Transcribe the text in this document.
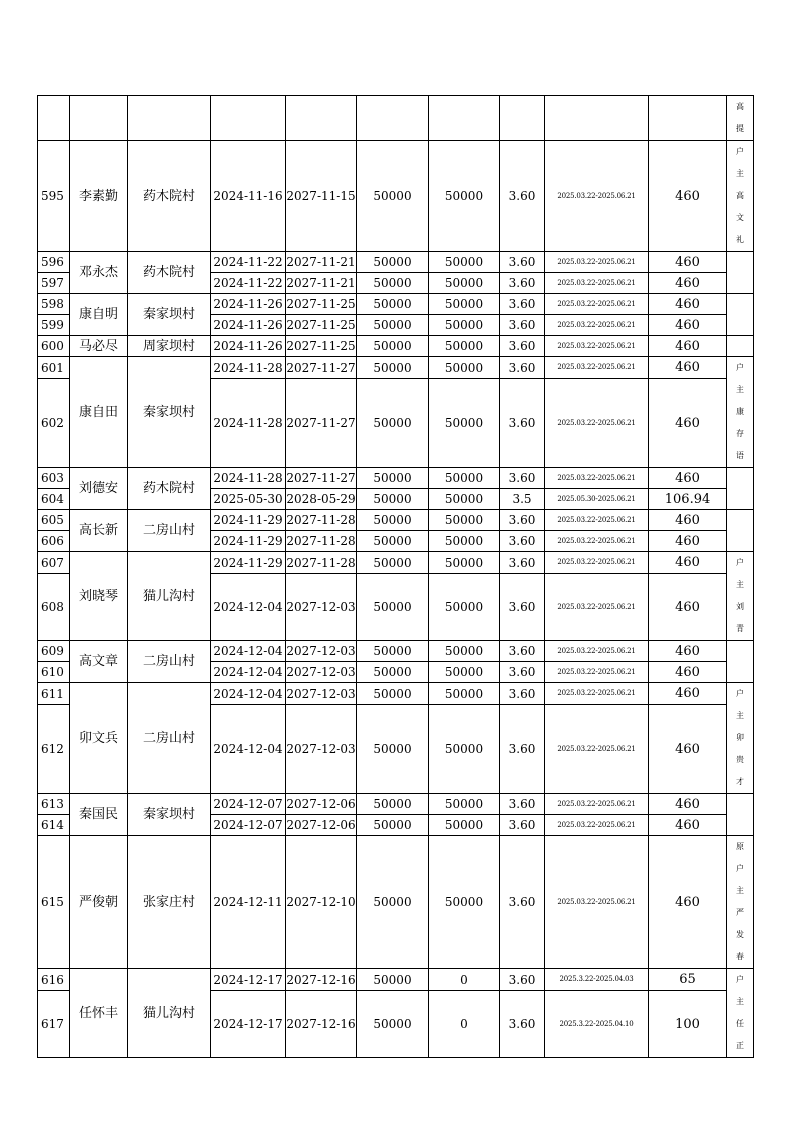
										高提

595	李素勤	药木院村	2024-11-16	2027-11-15	50000	50000	3.60	2025.03.22-2025.06.21	460	户主高文礼

596	邓永杰	药木院村	2024-11-22	2027-11-21	50000	50000	3.60	2025.03.22-2025.06.21	460	

597			2024-11-22	2027-11-21	50000	50000	3.60	2025.03.22-2025.06.21	460	
598	康自明	秦家坝村	2024-11-26	2027-11-25	50000	50000	3.60	2025.03.22-2025.06.21	460	

599			2024-11-26	2027-11-25	50000	50000	3.60	2025.03.22-2025.06.21	460	
600	马必尽	周家坝村	2024-11-26	2027-11-25	50000	50000	3.60	2025.03.22-2025.06.21	460	

601	康自田	秦家坝村	2024-11-28	2027-11-27	50000	50000	3.60	2025.03.22-2025.06.21	460	户主康存语

602			2024-11-28	2027-11-27	50000	50000	3.60	2025.03.22-2025.06.21	460	
603	刘德安	药木院村	2024-11-28	2027-11-27	50000	50000	3.60	2025.03.22-2025.06.21	460	

604			2025-05-30	2028-05-29	50000	50000	3.5	2025.05.30-2025.06.21	106.94	
605	高长新	二房山村	2024-11-29	2027-11-28	50000	50000	3.60	2025.03.22-2025.06.21	460	

606			2024-11-29	2027-11-28	50000	50000	3.60	2025.03.22-2025.06.21	460	
607	刘晓琴	猫儿沟村	2024-11-29	2027-11-28	50000	50000	3.60	2025.03.22-2025.06.21	460	户主刘青

608			2024-12-04	2027-12-03	50000	50000	3.60	2025.03.22-2025.06.21	460	
609	高文章	二房山村	2024-12-04	2027-12-03	50000	50000	3.60	2025.03.22-2025.06.21	460	

610			2024-12-04	2027-12-03	50000	50000	3.60	2025.03.22-2025.06.21	460	
611	卯文兵	二房山村	2024-12-04	2027-12-03	50000	50000	3.60	2025.03.22-2025.06.21	460	户主卯贵才

612			2024-12-04	2027-12-03	50000	50000	3.60	2025.03.22-2025.06.21	460	
613	秦国民	秦家坝村	2024-12-07	2027-12-06	50000	50000	3.60	2025.03.22-2025.06.21	460	

614			2024-12-07	2027-12-06	50000	50000	3.60	2025.03.22-2025.06.21	460	
615	严俊朝	张家庄村	2024-12-11	2027-12-10	50000	50000	3.60	2025.03.22-2025.06.21	460	原户主严发春

616	任怀丰	猫儿沟村	2024-12-17	2027-12-16	50000	0	3.60	2025.3.22-2025.04.03	65	户主任正

617			2024-12-17	2027-12-16	50000	0	3.60	2025.3.22-2025.04.10	100	
